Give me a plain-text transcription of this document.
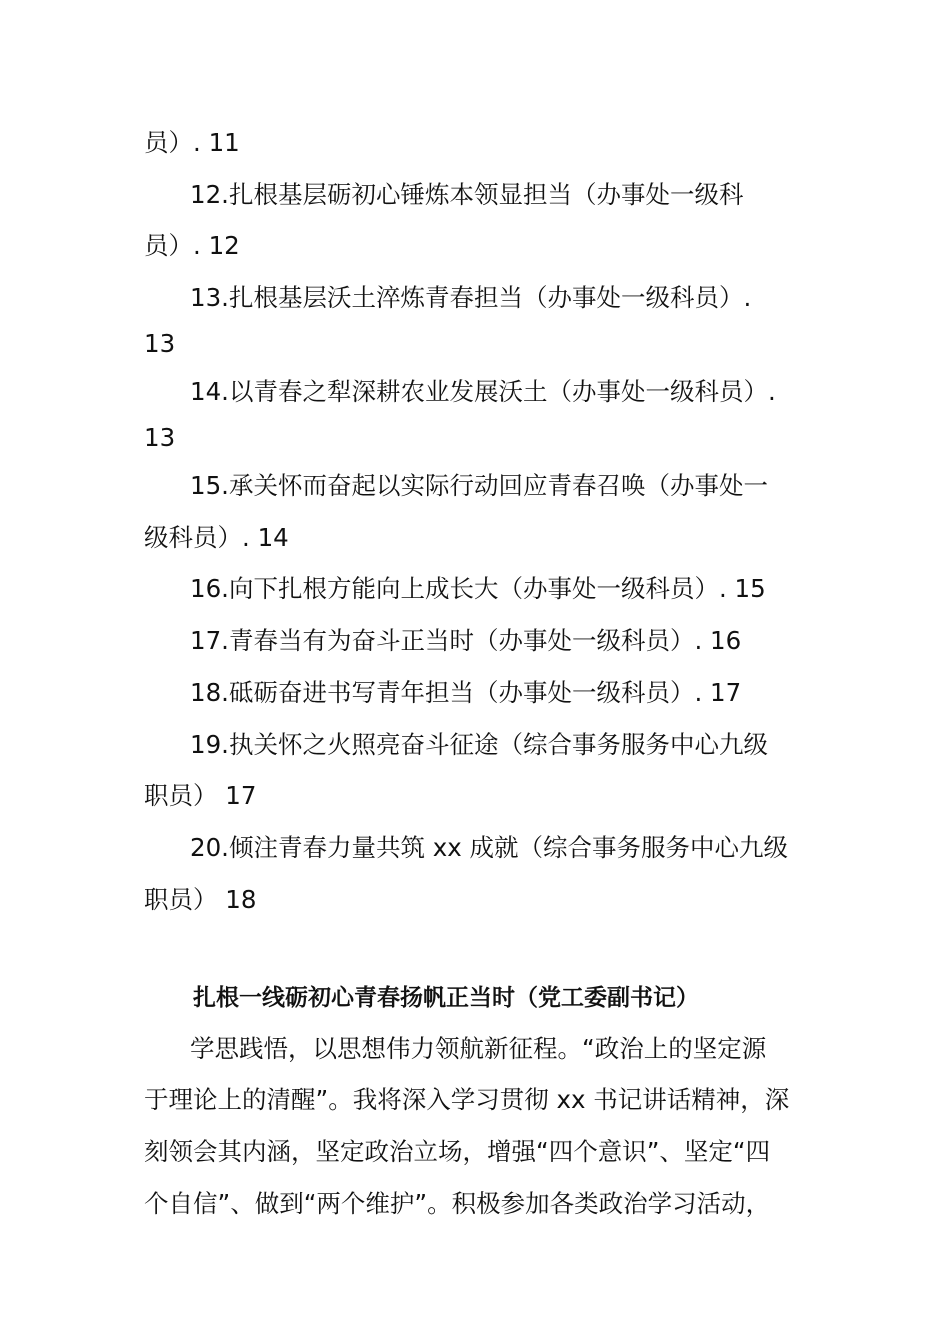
员）. 11
12.扎根基层砺初心锤炼本领显担当（办事处一级科
员）. 12
13.扎根基层沃土淬炼青春担当（办事处一级科员）.
13
14.以青春之犁深耕农业发展沃土（办事处一级科员）.
13
15.承关怀而奋起以实际行动回应青春召唤（办事处一
级科员）. 14
16.向下扎根方能向上成长大（办事处一级科员）. 15
17.青春当有为奋斗正当时（办事处一级科员）. 16
18.砥砺奋进书写青年担当（办事处一级科员）. 17
19.执关怀之火照亮奋斗征途（综合事务服务中心九级
职员） 17
20.倾注青春力量共筑 xx 成就（综合事务服务中心九级
职员） 18
扎根一线砺初心青春扬帆正当时（党工委副书记）
学思践悟，以思想伟力领航新征程。“政治上的坚定源
于理论上的清醒”。我将深入学习贯彻 xx 书记讲话精神，深
刻领会其内涵，坚定政治立场，增强“四个意识”、坚定“四
个自信”、做到“两个维护”。积极参加各类政治学习活动，
